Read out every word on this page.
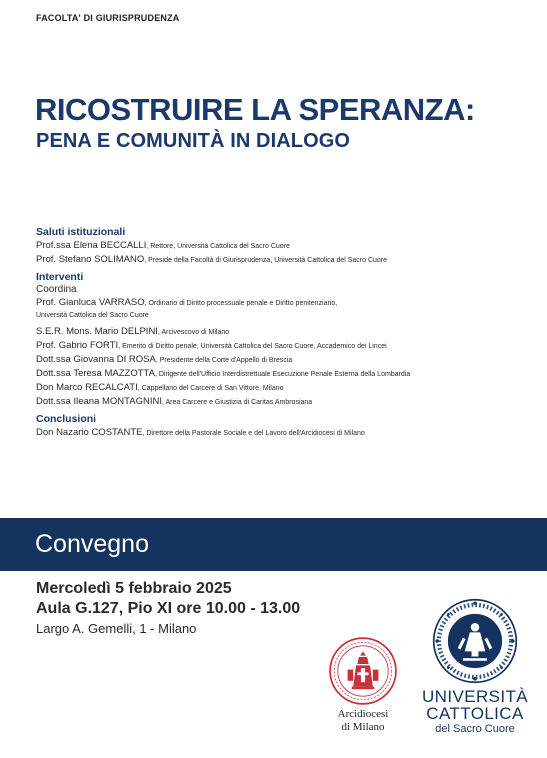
FACOLTA' DI GIURISPRUDENZA
RICOSTRUIRE LA SPERANZA:
PENA E COMUNITÀ IN DIALOGO
Saluti istituzionali
Prof.ssa Elena BECCALLI, Rettore, Università Cattolica del Sacro Cuore
Prof. Stefano SOLIMANO, Preside della Facoltà di Giurisprudenza, Università Cattolica del Sacro Cuore
Interventi
Coordina
Prof. Gianluca VARRASO, Ordinario di Diritto processuale penale e Diritto penitenziario,
Università Cattolica del Sacro Cuore
S.E.R. Mons. Mario DELPINI, Arcivescovo di Milano
Prof. Gabrio FORTI, Emerito di Diritto penale, Università Cattolica del Sacro Cuore, Accademico dei Lincei
Dott.ssa Giovanna DI ROSA, Presidente della Corte d'Appello di Brescia
Dott.ssa Teresa MAZZOTTA, Dirigente dell'Ufficio Interdistrettuale Esecuzione Penale Esterna della Lombardia
Don Marco RECALCATI, Cappellano del Carcere di San Vittore, Milano
Dott.ssa Ileana MONTAGNINI, Area Carcere e Giustizia di Caritas Ambrosiana
Conclusioni
Don Nazario COSTANTE, Direttore della Pastorale Sociale e del Lavoro dell'Arcidiocesi di Milano
Convegno
Mercoledì 5 febbraio 2025
Aula G.127, Pio XI ore 10.00 - 13.00
Largo A. Gemelli, 1 - Milano
Arcidiocesi
di Milano
UNIVERSITÀ
CATTOLICA
del Sacro Cuore
